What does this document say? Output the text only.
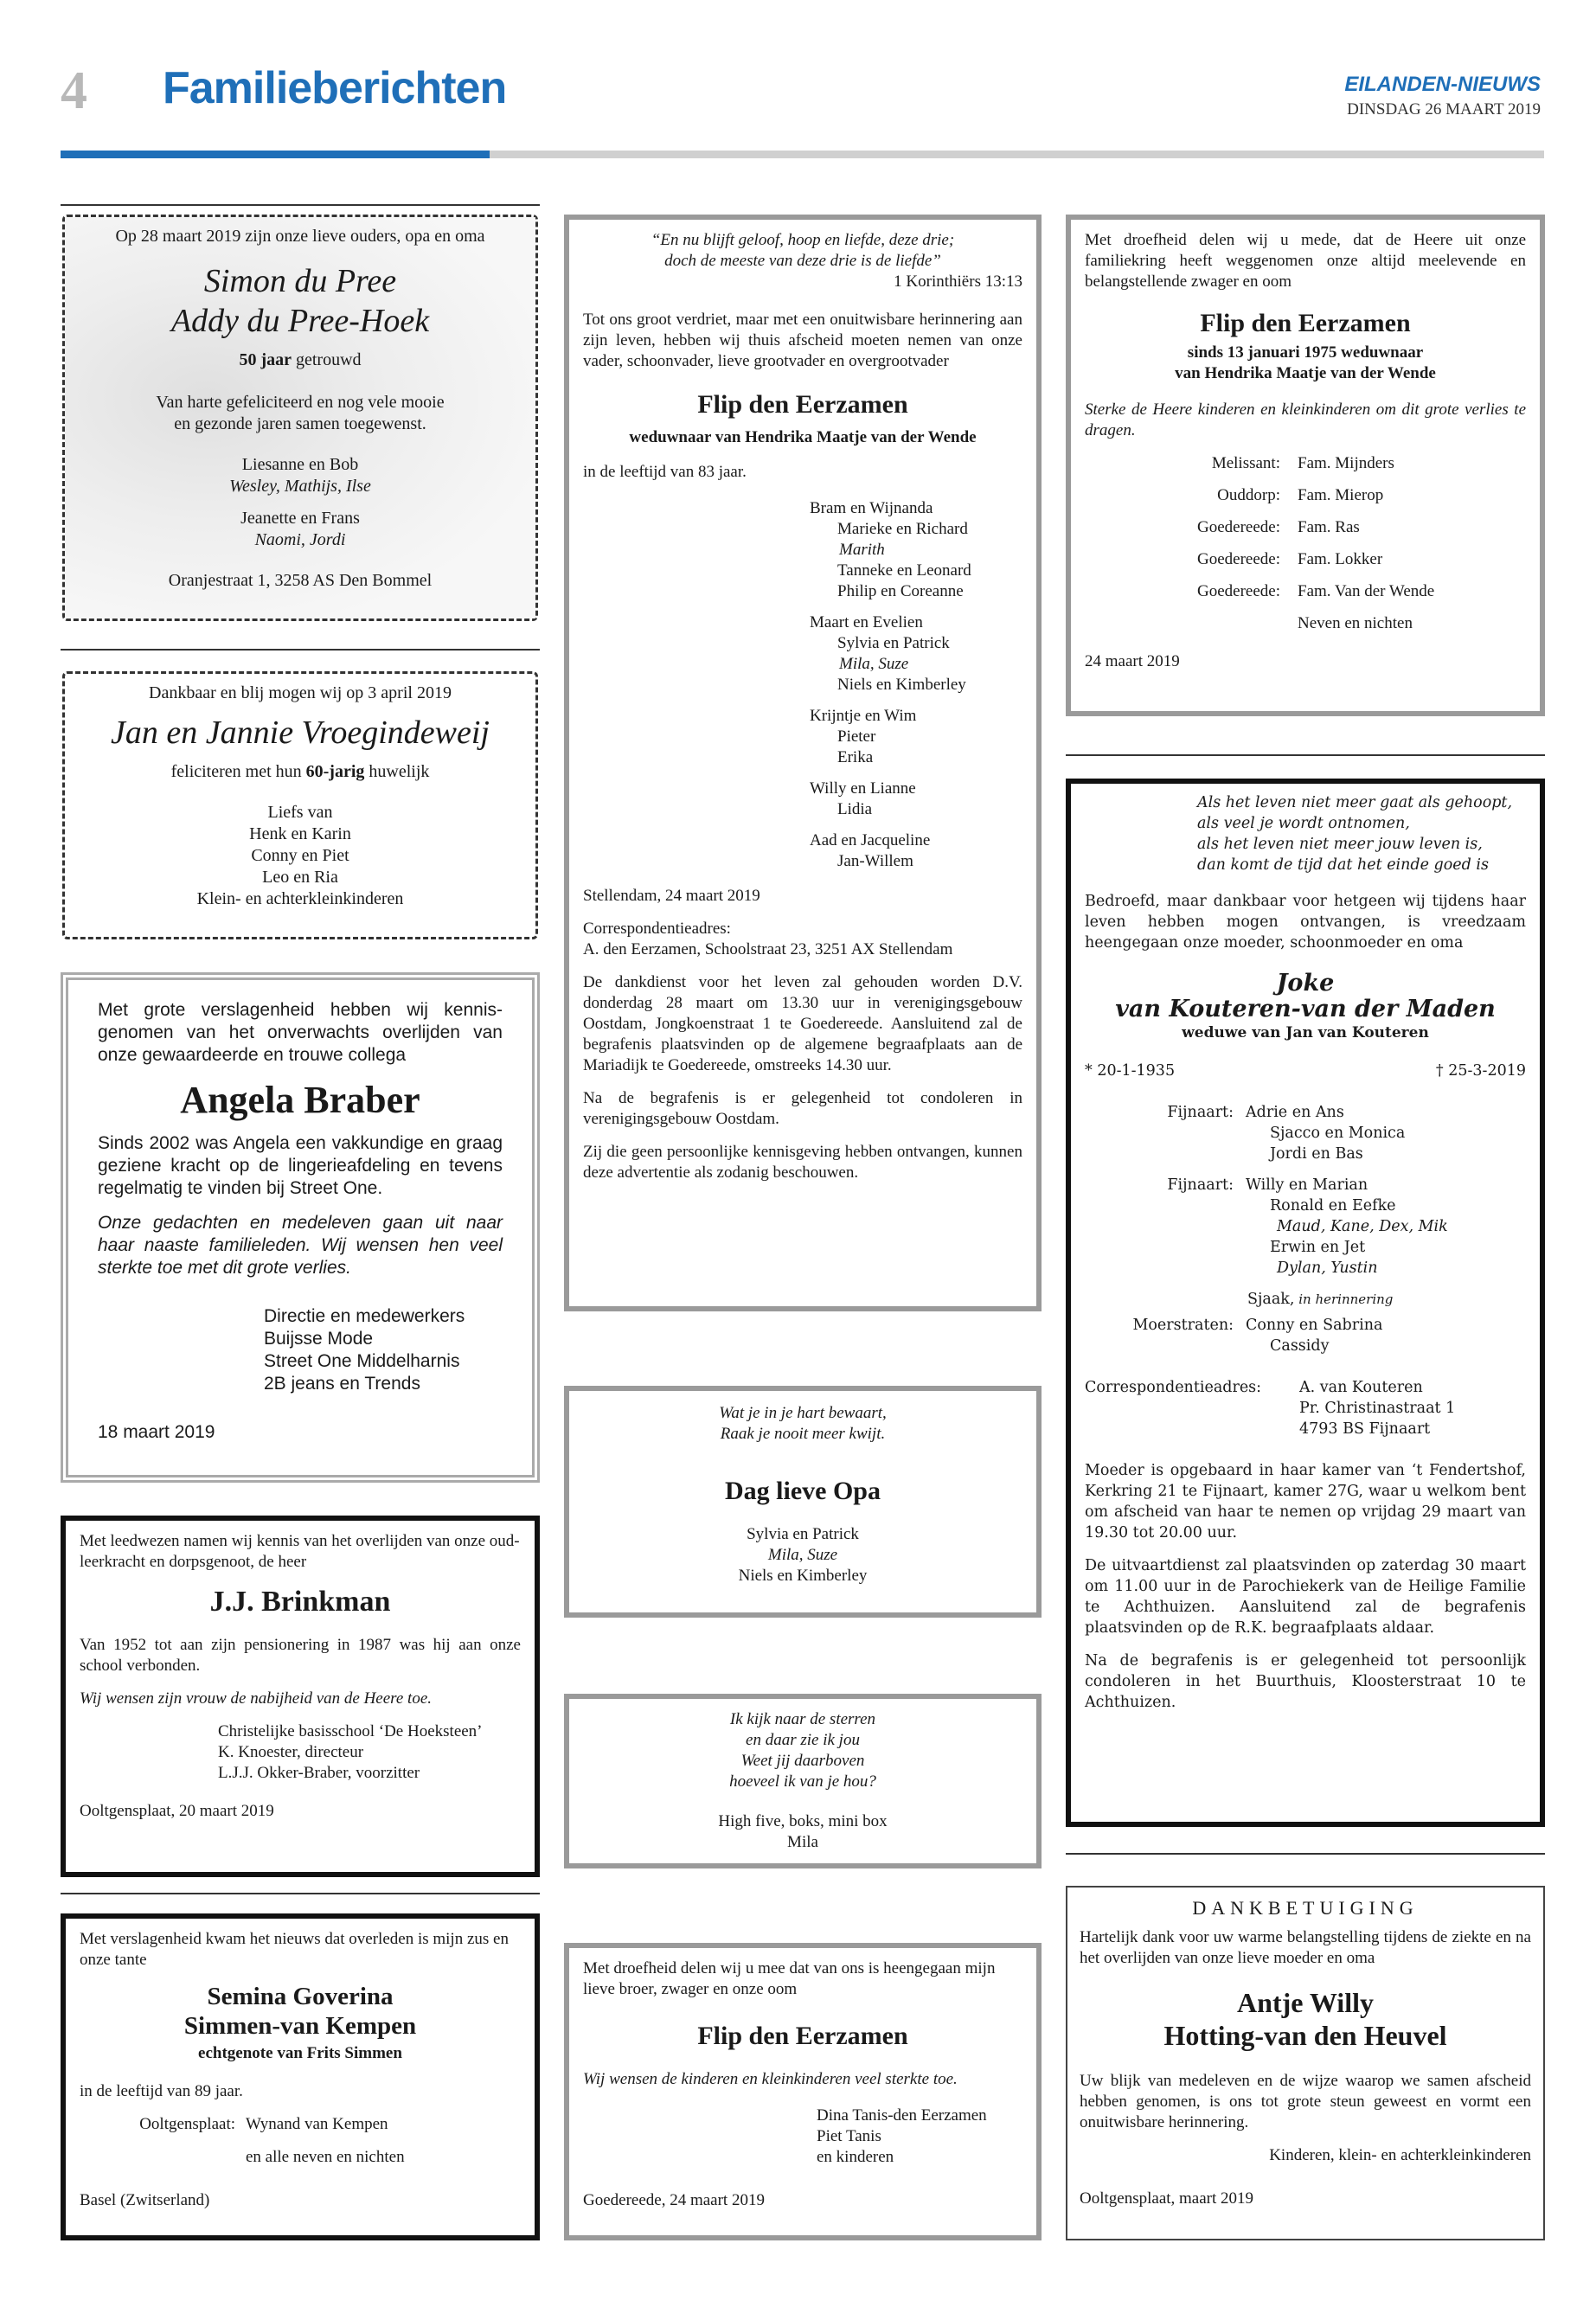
4 Familieberichten	EILANDEN-NIEUWS
DINSDAG 26 MAART 2019
Op 28 maart 2019 zijn onze lieve ouders, opa en oma
Simon du Pree
Addy du Pree-Hoek
50 jaar getrouwd
Van harte gefeliciteerd en nog vele mooie
en gezonde jaren samen toegewenst.
Liesanne en Bob
Wesley, Mathijs, Ilse
Jeanette en Frans
Naomi, Jordi
Oranjestraat 1, 3258 AS Den Bommel
Dankbaar en blij mogen wij op 3 april 2019
Jan en Jannie Vroegindeweij
feliciteren met hun 60-jarig huwelijk
Liefs van
Henk en Karin
Conny en Piet
Leo en Ria
Klein- en achterkleinkinderen

Met grote verslagenheid hebben wij kennisgenomen van het onverwachts overlijden van onze gewaardeerde en trouwe collega

Angela Braber

Sinds 2002 was Angela een vakkundige en graag geziene kracht op de lingerieafdeling en tevens regelmatig te vinden bij Street One.

Onze gedachten en medeleven gaan uit naar haar naaste familieleden. Wij wensen hen veel sterkte toe met dit grote verlies.

Directie en medewerkers
Buijsse Mode
Street One Middelharnis
2B jeans en Trends
18 maart 2019

Met leedwezen namen wij kennis van het overlijden van onze oud-leerkracht en dorpsgenoot, de heer

J.J. Brinkman

Van 1952 tot aan zijn pensionering in 1987 was hij aan onze school verbonden.

Wij wensen zijn vrouw de nabijheid van de Heere toe.

Christelijke basisschool ‘De Hoeksteen’
K. Knoester, directeur
L.J.J. Okker-Braber, voorzitter
Ooltgensplaat, 20 maart 2019

Met verslagenheid kwam het nieuws dat overleden is mijn zus en onze tante

Semina Goverina
Simmen-van Kempen
echtgenote van Frits Simmen

in de leeftijd van 89 jaar.

Ooltgensplaat: Wynand van Kempen
en alle neven en nichten
Basel (Zwitserland)
“En nu blijft geloof, hoop en liefde, deze drie;
doch de meeste van deze drie is de liefde”
1 Korinthiërs 13:13

Tot ons groot verdriet, maar met een onuitwisbare herinnering aan zijn leven, hebben wij thuis afscheid moeten nemen van onze vader, schoonvader, lieve grootvader en overgrootvader

Flip den Eerzamen
weduwnaar van Hendrika Maatje van der Wende

in de leeftijd van 83 jaar.

Bram en Wijnanda
Marieke en Richard
Marith
Tanneke en Leonard
Philip en Coreanne
Maart en Evelien
Sylvia en Patrick
Mila, Suze
Niels en Kimberley
Krijntje en Wim
Pieter
Erika
Willy en Lianne
Lidia
Aad en Jacqueline
Jan-Willem

Stellendam, 24 maart 2019

Correspondentieadres:

A. den Eerzamen, Schoolstraat 23, 3251 AX Stellendam

De dankdienst voor het leven zal gehouden worden D.V. donderdag 28 maart om 13.30 uur in verenigingsgebouw Oostdam, Jongkoenstraat 1 te Goedereede. Aansluitend zal de begrafenis plaatsvinden op de algemene begraafplaats aan de Mariadijk te Goedereede, omstreeks 14.30 uur.

Na de begrafenis is er gelegenheid tot condoleren in verenigingsgebouw Oostdam.

Zij die geen persoonlijke kennisgeving hebben ontvangen, kunnen deze advertentie als zodanig beschouwen.

Wat je in je hart bewaart,
Raak je nooit meer kwijt.
Dag lieve Opa
Sylvia en Patrick
Mila, Suze
Niels en Kimberley
Ik kijk naar de sterren
en daar zie ik jou
Weet jij daarboven
hoeveel ik van je hou?
High five, boks, mini box
Mila

Met droefheid delen wij u mee dat van ons is heengegaan mijn lieve broer, zwager en onze oom

Flip den Eerzamen

Wij wensen de kinderen en kleinkinderen veel sterkte toe.

Dina Tanis-den Eerzamen
Piet Tanis
en kinderen
Goedereede, 24 maart 2019

Met droefheid delen wij u mede, dat de Heere uit onze familiekring heeft weggenomen onze altijd meelevende en belangstellende zwager en oom

Flip den Eerzamen
sinds 13 januari 1975 weduwnaar
van Hendrika Maatje van der Wende

Sterke de Heere kinderen en kleinkinderen om dit grote verlies te dragen.

Melissant:	Fam. Mijnders
Ouddorp:	Fam. Mierop
Goedereede:	Fam. Ras
Goedereede:	Fam. Lokker
Goedereede:	Fam. Van der Wende
Neven en nichten
24 maart 2019
Als het leven niet meer gaat als gehoopt,
als veel je wordt ontnomen,
als het leven niet meer jouw leven is,
dan komt de tijd dat het einde goed is

Bedroefd, maar dankbaar voor hetgeen wij tijdens haar leven hebben mogen ontvangen, is vreedzaam heengegaan onze moeder, schoonmoeder en oma

Joke
van Kouteren-van der Maden
weduwe van Jan van Kouteren
* 20-1-1935	† 25-3-2019
Fijnaart: Adrie en Ans
Sjacco en Monica
Jordi en Bas
Fijnaart: Willy en Marian
Ronald en Eefke
Maud, Kane, Dex, Mik
Erwin en Jet
Dylan, Yustin
Sjaak, in herinnering
Moerstraten: Conny en Sabrina
Cassidy
Correspondentieadres:	A. van Kouteren
Pr. Christinastraat 1
4793 BS Fijnaart

Moeder is opgebaard in haar kamer van ‘t Fendertshof, Kerkring 21 te Fijnaart, kamer 27G, waar u welkom bent om afscheid van haar te nemen op vrijdag 29 maart van 19.30 tot 20.00 uur.

De uitvaartdienst zal plaatsvinden op zaterdag 30 maart om 11.00 uur in de Parochiekerk van de Heilige Familie te Achthuizen. Aansluitend zal de begrafenis plaatsvinden op de R.K. begraafplaats aldaar.

Na de begrafenis is er gelegenheid tot persoonlijk condoleren in het Buurthuis, Kloosterstraat 10 te Achthuizen.

DANKBETUIGING

Hartelijk dank voor uw warme belangstelling tijdens de ziekte en na het overlijden van onze lieve moeder en oma

Antje Willy
Hotting-van den Heuvel

Uw blijk van medeleven en de wijze waarop we samen afscheid hebben genomen, is ons tot grote steun geweest en vormt een onuitwisbare herinnering.

Kinderen, klein- en achterkleinkinderen
Ooltgensplaat, maart 2019
